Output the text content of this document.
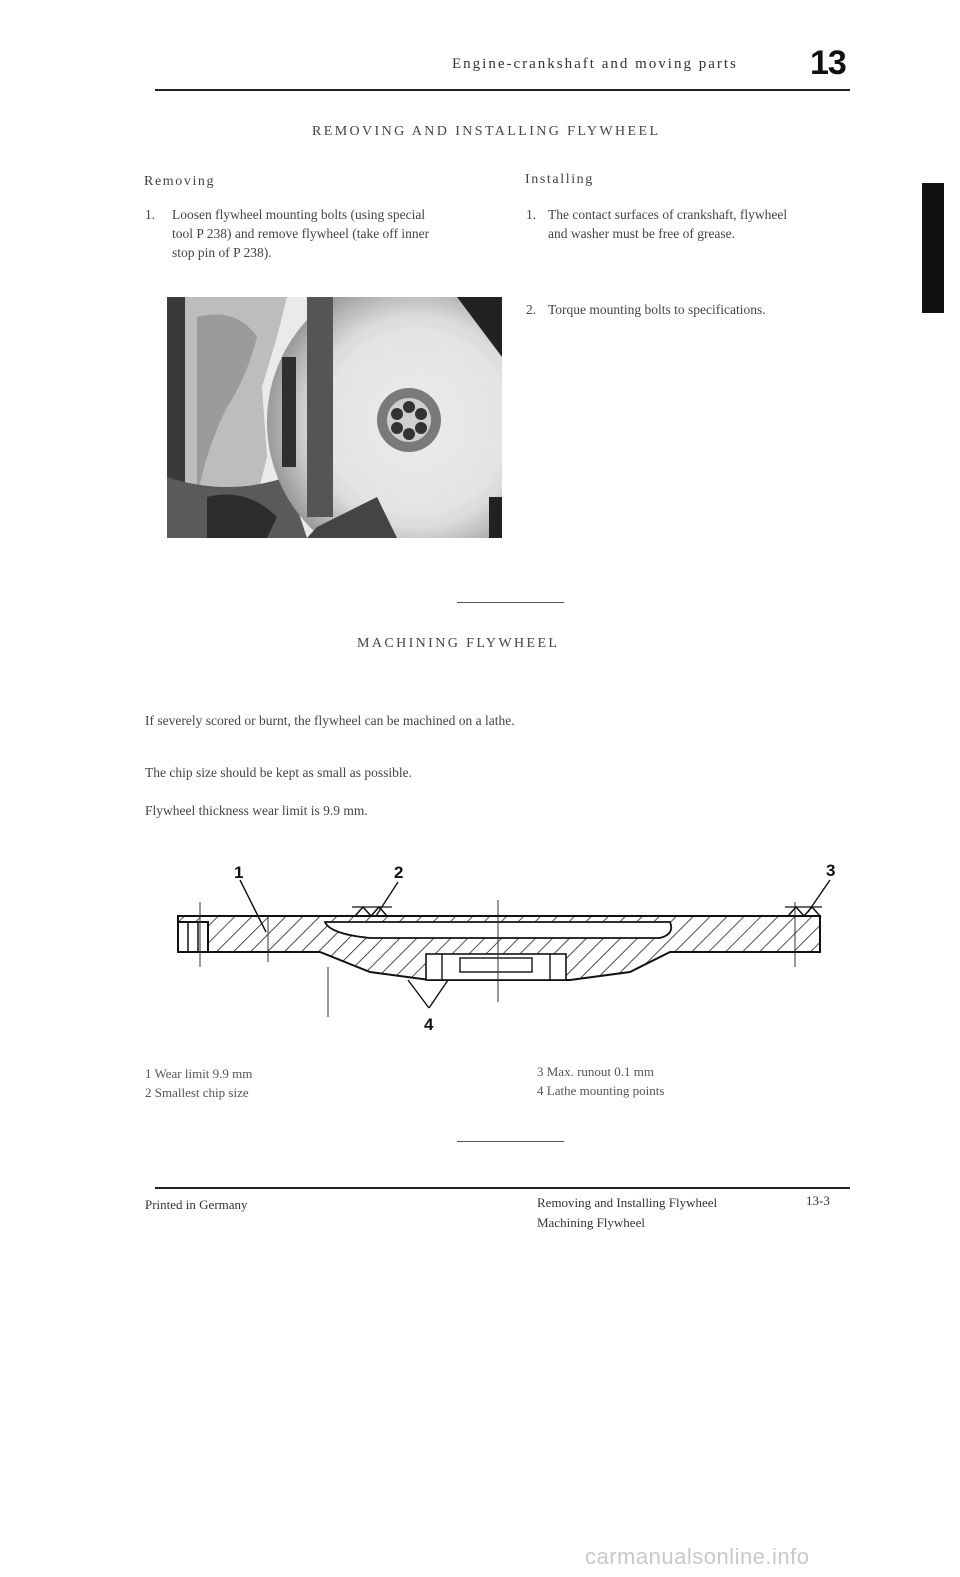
Engine-crankshaft and moving parts 13
REMOVING AND INSTALLING FLYWHEEL
Removing
1. Loosen flywheel mounting bolts (using special
tool P 238) and remove flywheel (take off inner
stop pin of P 238).
Installing
1. The contact surfaces of crankshaft, flywheel
and washer must be free of grease.
2. Torque mounting bolts to specifications.
MACHINING FLYWHEEL
If severely scored or burnt, the flywheel can be machined on a lathe.
The chip size should be kept as small as possible.
Flywheel thickness wear limit is 9.9 mm.
1	2	3
4
1 Wear limit 9.9 mm
2 Smallest chip size
3 Max. runout 0.1 mm
4 Lathe mounting points
Printed in Germany	Removing and Installing Flywheel
Machining Flywheel
13-3
carmanualsonline.info
